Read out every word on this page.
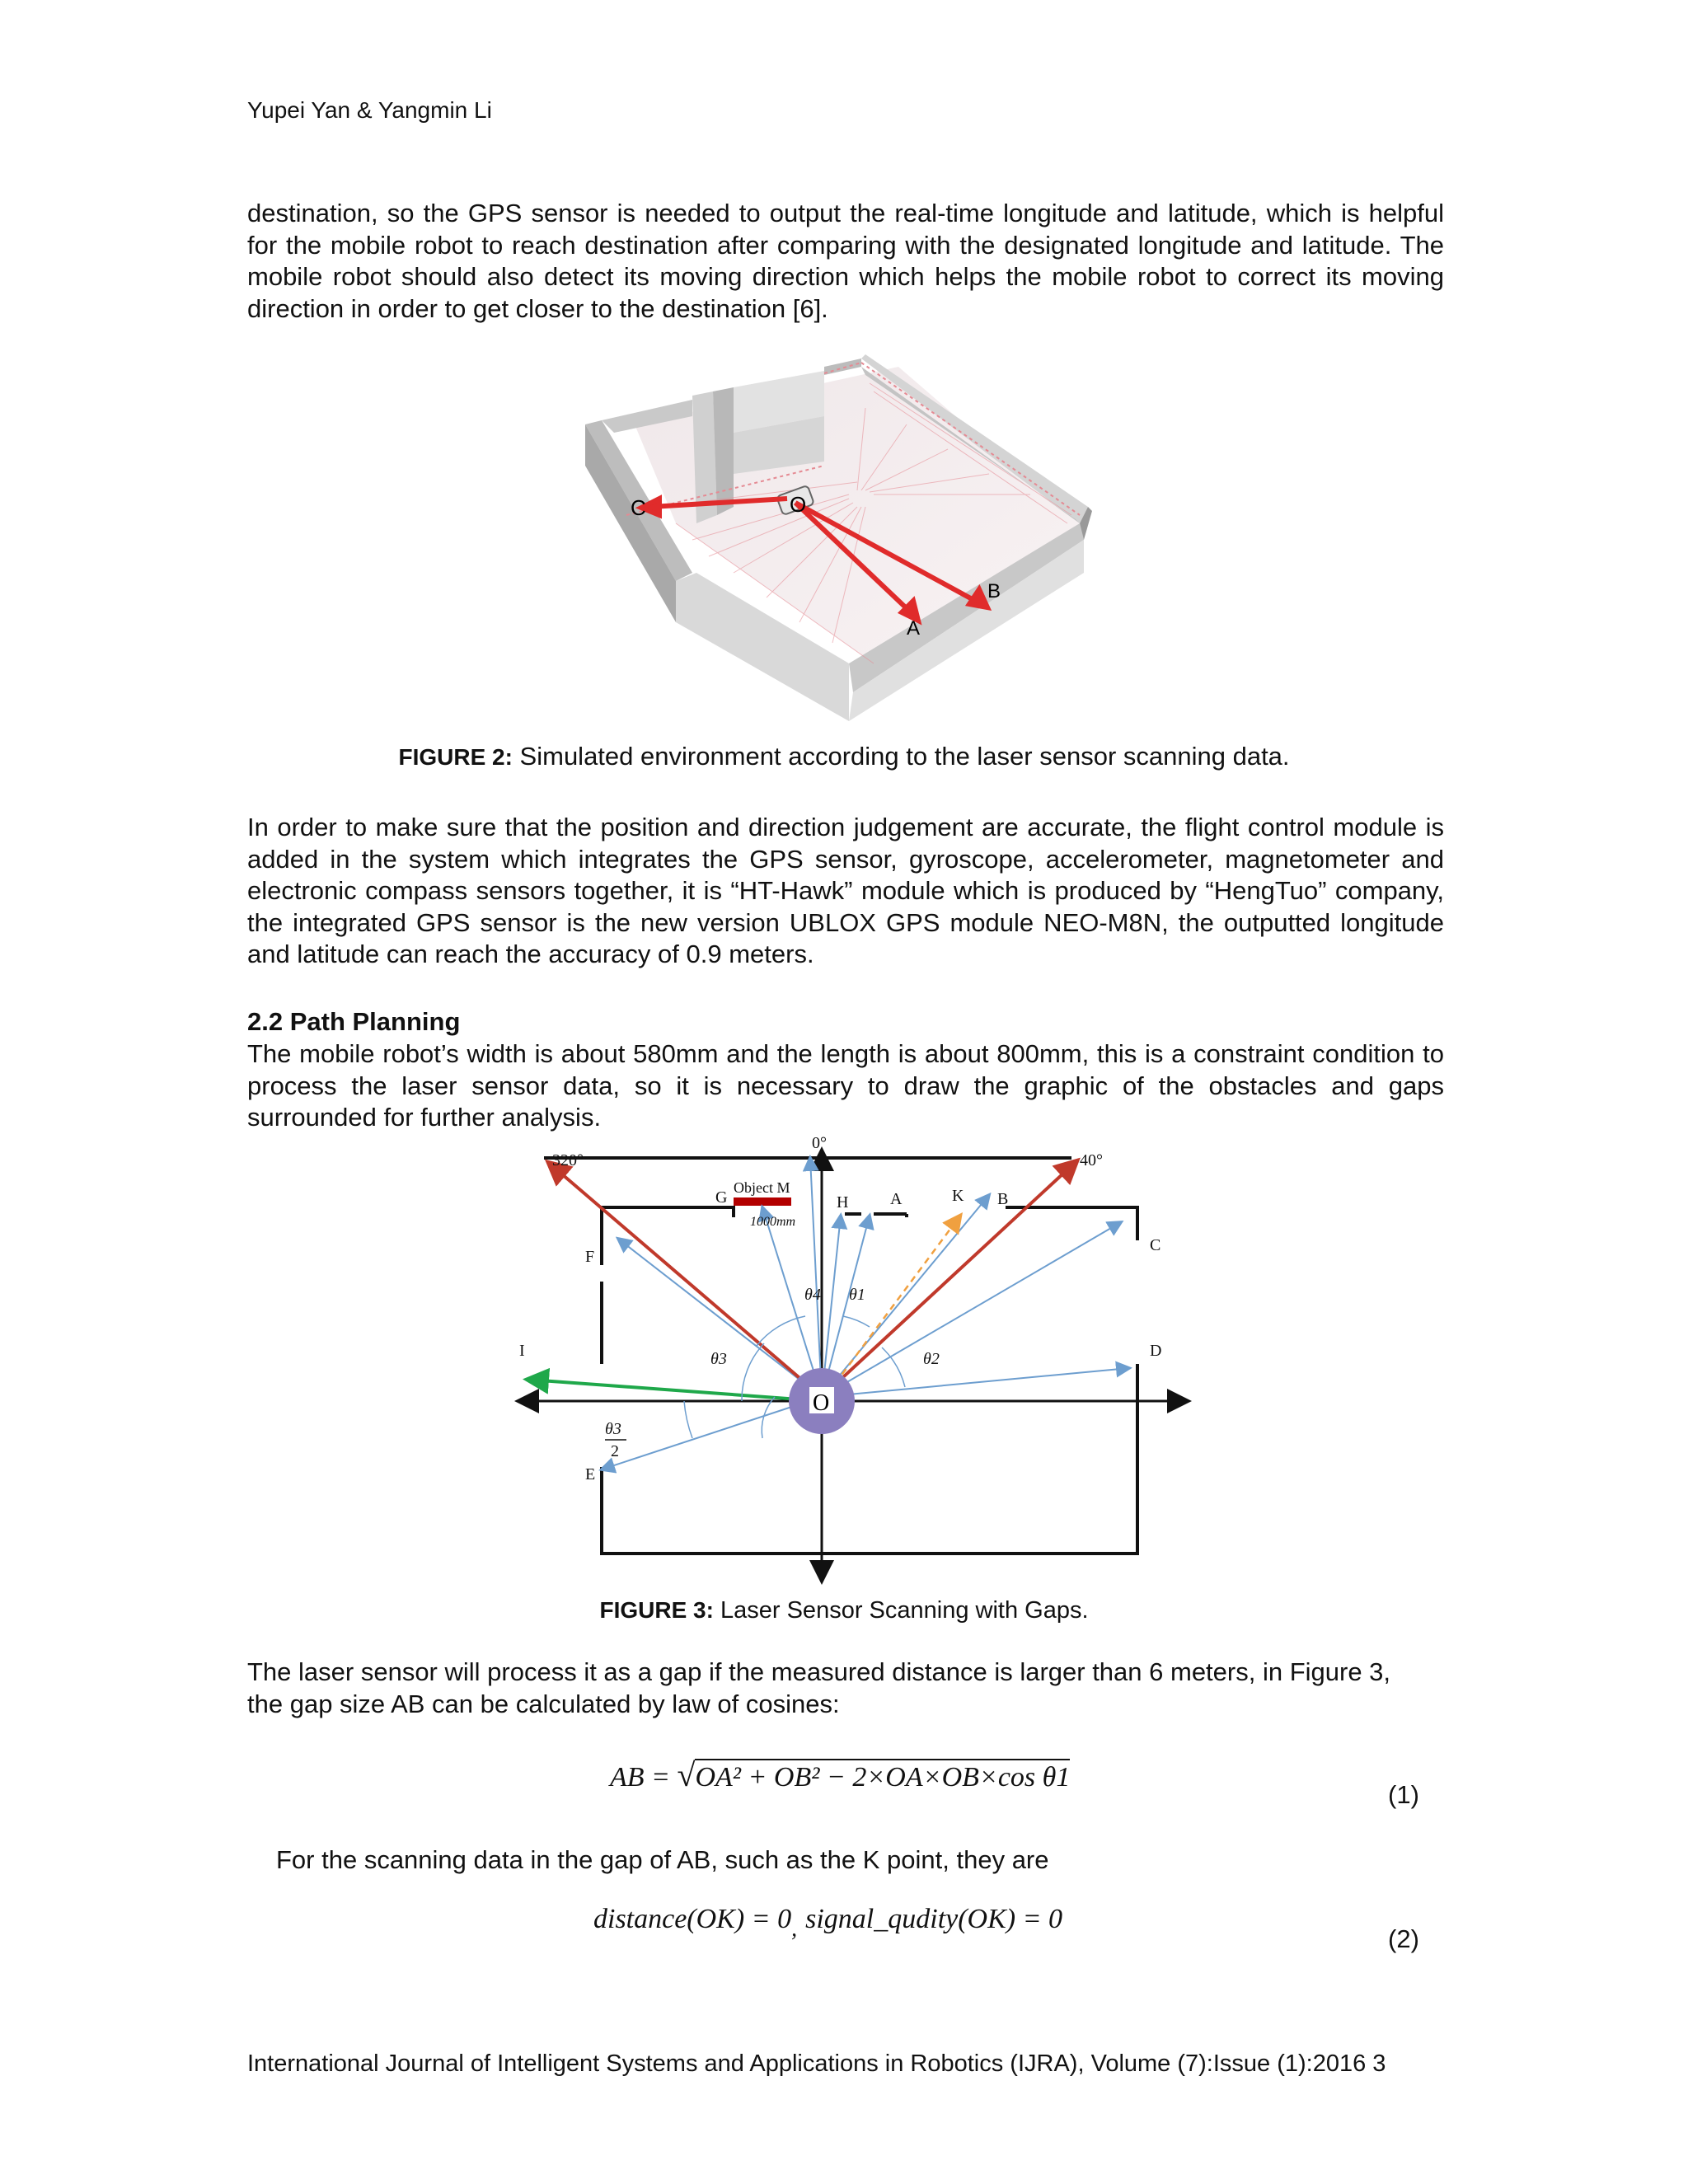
Yupei Yan & Yangmin Li

destination, so the GPS sensor is needed to output the real-time longitude and latitude, which is helpful for the mobile robot to reach destination after comparing with the designated longitude and latitude. The mobile robot should also detect its moving direction which helps the mobile robot to correct its moving direction in order to get closer to the destination [6].

C	O
B
A
FIGURE 2: Simulated environment according to the laser sensor scanning data.

In order to make sure that the position and direction judgement are accurate, the flight control module is added in the system which integrates the GPS sensor, gyroscope, accelerometer, magnetometer and electronic compass sensors together, it is “HT-Hawk” module which is produced by “HengTuo” company, the integrated GPS sensor is the new version UBLOX GPS module NEO-M8N, the outputted longitude and latitude can reach the accuracy of 0.9 meters.

2.2 Path Planning

The mobile robot’s width is about 580mm and the length is about 800mm, this is a constraint condition to process the laser sensor data, so it is necessary to draw the graphic of the obstacles and gaps surrounded for further analysis.

O
0°
320°	40°
Object M
1000mm
G	H	A	K B
C
F
I	D
E
θ4 θ1
θ3	θ2
θ3
2
FIGURE 3: Laser Sensor Scanning with Gaps.

The laser sensor will process it as a gap if the measured distance is larger than 6 meters, in Figure 3, the gap size AB can be calculated by law of cosines:

AB = √OA² + OB² − 2×OA×OB×cos θ1
(1)

For the scanning data in the gap of AB, such as the K point, they are

distance(OK) = $0_,$ signal_qudity(OK) = 0
(2)
International Journal of Intelligent Systems and Applications in Robotics (IJRA), Volume (7):Issue (1):2016 3
